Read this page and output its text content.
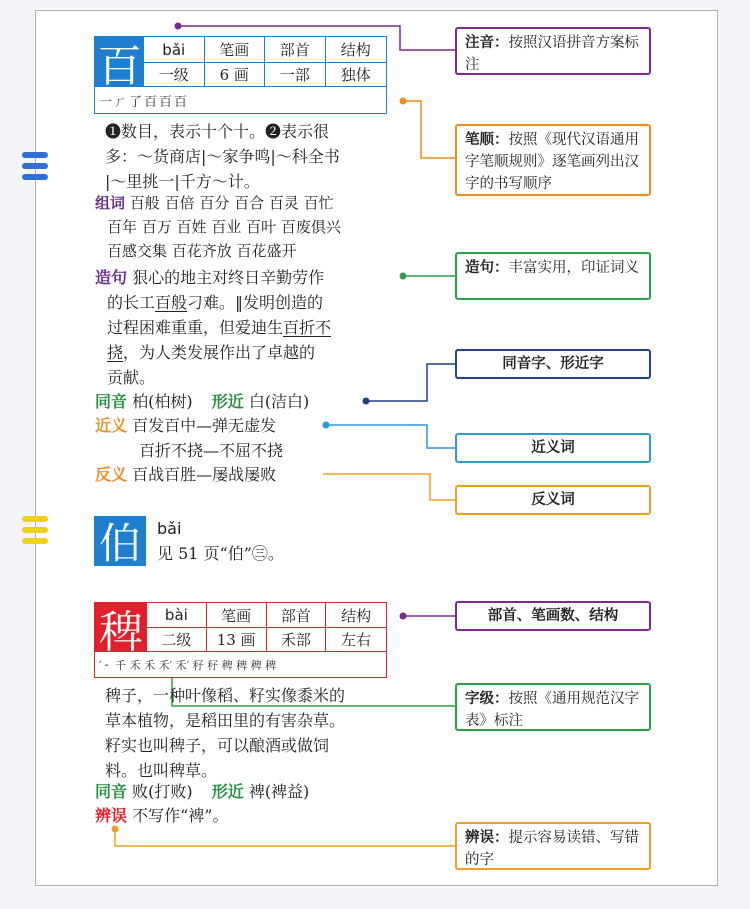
百	bǎi	笔画	部首	结构
一级	6 画	一部	独体
一ㄏ了百百百
❶数目，表示十个十。❷表示很
多：～货商店|～家争鸣|～科全书
|～里挑一|千方～计。
组词 百般 百倍 百分 百合 百灵 百忙
百年 百万 百姓 百业 百叶 百废俱兴
百感交集 百花齐放 百花盛开
造句 狠心的地主对终日辛勤劳作
的长工百般刁难。‖发明创造的
过程困难重重，但爱迪生百折不
挠，为人类发展作出了卓越的
贡献。
同音 柏(柏树) 形近 白(洁白)
近义 百发百中—弹无虚发
百折不挠—不屈不挠
反义 百战百胜—屡战屡败
伯	bǎi
见 51 页“伯”㊂。
稗	bài	笔画	部首	结构
二级	13 画	禾部	左右
′ ╴ 千 禾 禾 禾′ 禾′ 秄 秄 稗 稗 稗 稗
稗子，一种叶像稻、籽实像黍米的
草本植物，是稻田里的有害杂草。
籽实也叫稗子，可以酿酒或做饲
料。也叫稗草。
同音 败(打败) 形近 裨(裨益)
辨误 不写作“裨”。
注音：按照汉语拼音方案标注
笔顺：按照《现代汉语通用字笔顺规则》逐笔画列出汉字的书写顺序
造句：丰富实用，印证词义
同音字、形近字
近义词
反义词
部首、笔画数、结构
字级：按照《通用规范汉字表》标注
辨误：提示容易读错、写错的字
